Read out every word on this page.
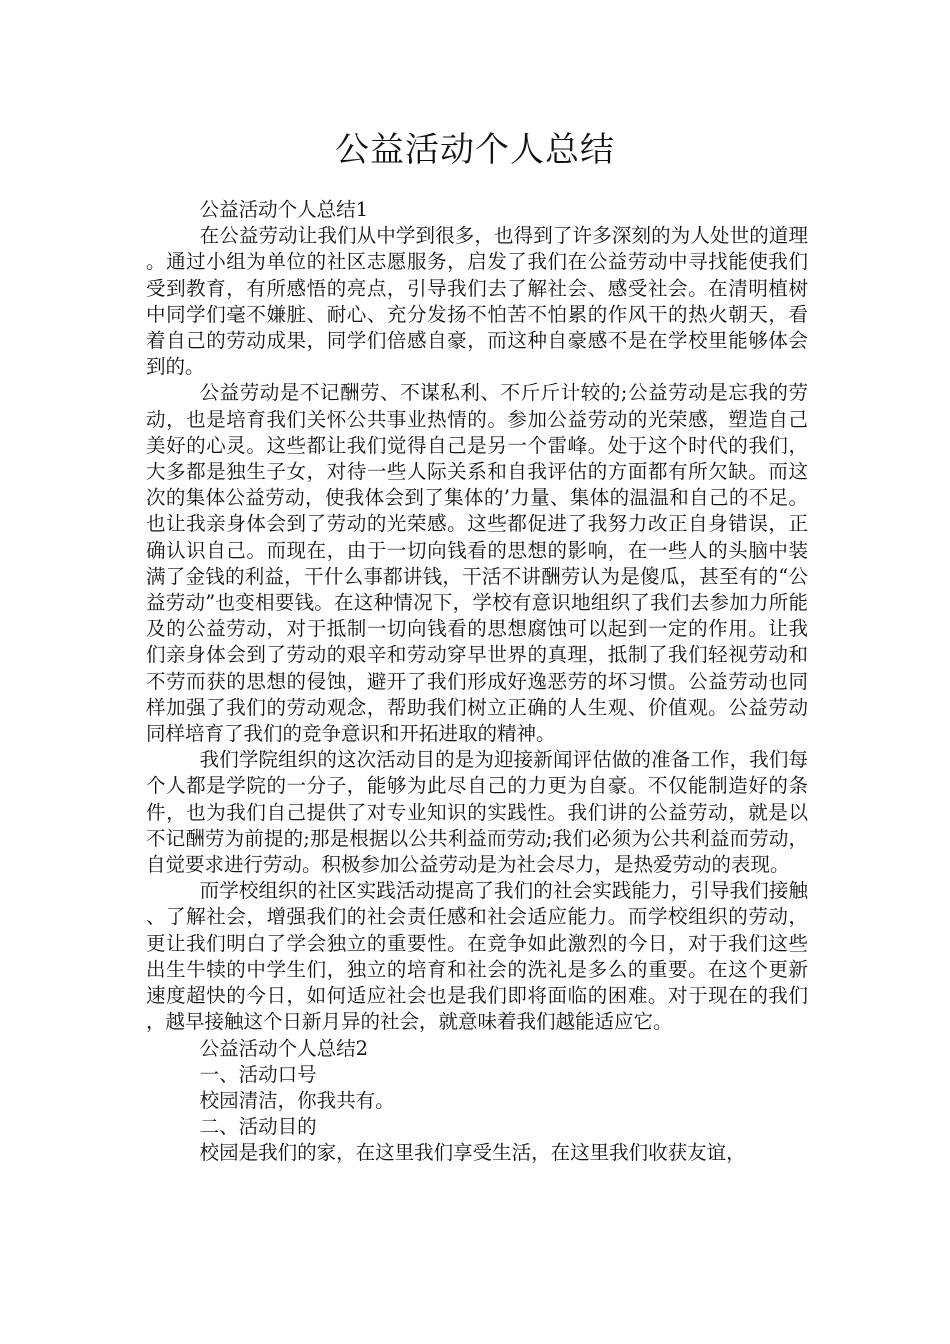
公益活动个人总结

公益活动个人总结1

在公益劳动让我们从中学到很多，也得到了许多深刻的为人处世的道理。通过小组为单位的社区志愿服务，启发了我们在公益劳动中寻找能使我们受到教育，有所感悟的亮点，引导我们去了解社会、感受社会。在清明植树中同学们毫不嫌脏、耐心、充分发扬不怕苦不怕累的作风干的热火朝天，看着自己的劳动成果，同学们倍感自豪，而这种自豪感不是在学校里能够体会到的。

公益劳动是不记酬劳、不谋私利、不斤斤计较的;公益劳动是忘我的劳动，也是培育我们关怀公共事业热情的。参加公益劳动的光荣感，塑造自己美好的心灵。这些都让我们觉得自己是另一个雷峰。处于这个时代的我们，大多都是独生子女，对待一些人际关系和自我评估的方面都有所欠缺。而这次的集体公益劳动，使我体会到了集体的’力量、集体的温温和自己的不足。也让我亲身体会到了劳动的光荣感。这些都促进了我努力改正自身错误，正确认识自己。而现在，由于一切向钱看的思想的影响，在一些人的头脑中装满了金钱的利益，干什么事都讲钱，干活不讲酬劳认为是傻瓜，甚至有的“公益劳动”也变相要钱。在这种情况下，学校有意识地组织了我们去参加力所能及的公益劳动，对于抵制一切向钱看的思想腐蚀可以起到一定的作用。让我们亲身体会到了劳动的艰辛和劳动穿早世界的真理，抵制了我们轻视劳动和不劳而获的思想的侵蚀，避开了我们形成好逸恶劳的坏习惯。公益劳动也同样加强了我们的劳动观念，帮助我们树立正确的人生观、价值观。公益劳动同样培育了我们的竞争意识和开拓进取的精神。

我们学院组织的这次活动目的是为迎接新闻评估做的准备工作，我们每个人都是学院的一分子，能够为此尽自己的力更为自豪。不仅能制造好的条件，也为我们自己提供了对专业知识的实践性。我们讲的公益劳动，就是以不记酬劳为前提的;那是根据以公共利益而劳动;我们必须为公共利益而劳动，自觉要求进行劳动。积极参加公益劳动是为社会尽力，是热爱劳动的表现。

而学校组织的社区实践活动提高了我们的社会实践能力，引导我们接触、了解社会，增强我们的社会责任感和社会适应能力。而学校组织的劳动，更让我们明白了学会独立的重要性。在竞争如此激烈的今日，对于我们这些出生牛犊的中学生们，独立的培育和社会的洗礼是多么的重要。在这个更新速度超快的今日，如何适应社会也是我们即将面临的困难。对于现在的我们，越早接触这个日新月异的社会，就意味着我们越能适应它。

公益活动个人总结2

一、活动口号

校园清洁，你我共有。

二、活动目的

校园是我们的家，在这里我们享受生活，在这里我们收获友谊，
